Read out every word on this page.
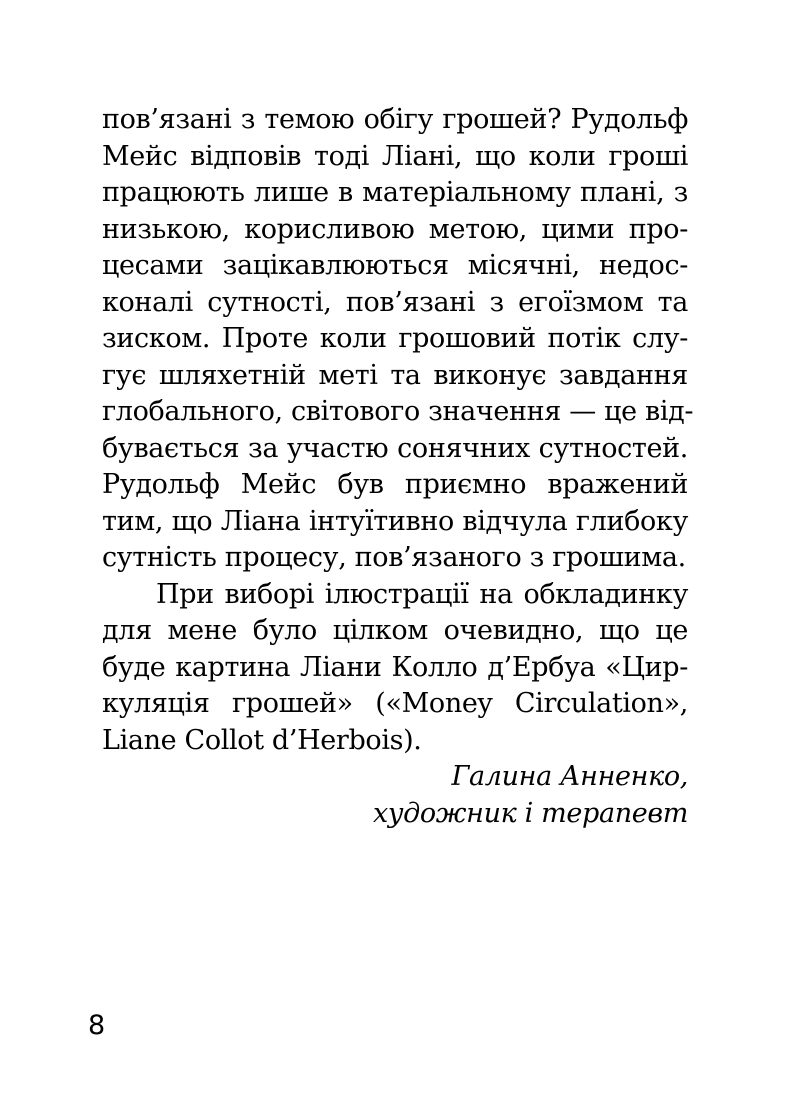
пов’язані з темою обігу грошей? Рудольф
Мейс відповів тоді Ліані, що коли гроші
працюють лише в матеріальному плані, з
низькою, корисливою метою, цими про-
цесами зацікавлюються місячні, недос-
конaлі сутності, пов’язані з егоїзмом та
зиском. Проте коли грошовий потік слу-
гує шляхетній меті та виконує завдання
глобального, світового значення — це від-
бувається за участю сонячних сутностей.
Рудольф Мейс був приємно вражений
тим, що Ліана інтуїтивно відчула глибоку
сутність процесу, пов’язаного з грошима.
При виборі ілюстрації на обкладинку
для мене було цілком очевидно, що це
буде картина Ліани Колло д’Ербуа «Цир-
куляція грошей» («Money Circulation»,
Liane Collot d’Herbois).
Галина Анненко,
художник і терапевт
8
